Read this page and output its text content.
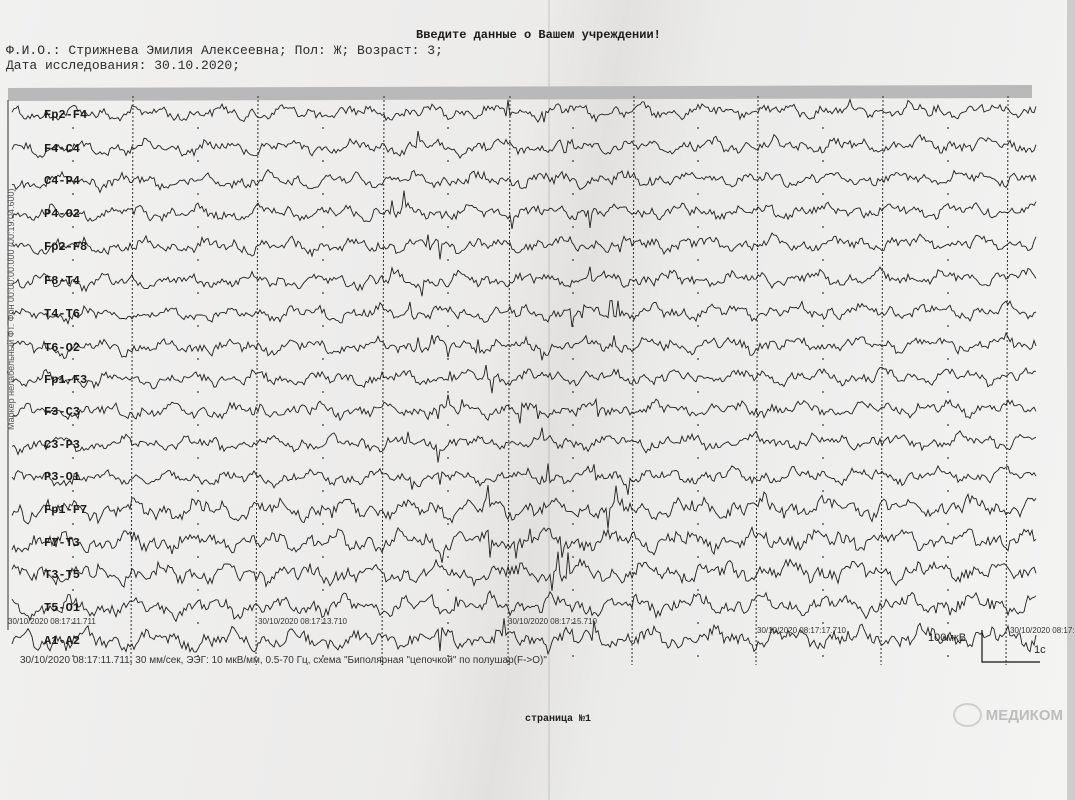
Введите данные о Вашем учреждении!
Ф.И.О.: Стрижнева Эмилия Алексеевна; Пол: Ж; Возраст: 3;
Дата исследования: 30.10.2020;
Fp2-F4
F4-C4
C4-P4
P4-O2
Fp2-F8
F8-T4
T4-T6
T6-O2
Fp1-F3
F3-C3
C3-P3
P3-O1
Fp1-F7
F7-T3
T3-T5
T5-O1
A1-A2
Маркер нелабельный ФТ. Фон 00:00:00.000 (00:19:04.600)
30/10/2020 08:17:11.711	30/10/2020 08:17:13.710	30/10/2020 08:17:15.710
30/10/2020 08:17:17.710	30/10/2020 08:17:
30/10/2020 08:17:11.711, 30 мм/сек, ЭЭГ: 10 мкВ/мм, 0.5-70 Гц, схема "Биполярная "цепочкой" по полушар(F->O)"
100мкВ
1с
страница №1	МЕДИКОМ
